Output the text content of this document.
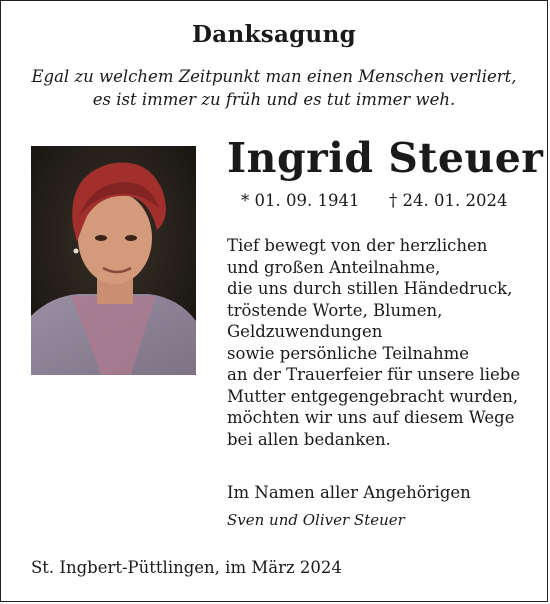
Danksagung
Egal zu welchem Zeitpunkt man einen Menschen verliert,
es ist immer zu früh und es tut immer weh.
Ingrid Steuer
* 01. 09. 1941 † 24. 01. 2024
Tief bewegt von der herzlichen
und großen Anteilnahme,
die uns durch stillen Händedruck,
tröstende Worte, Blumen,
Geldzuwendungen
sowie persönliche Teilnahme
an der Trauerfeier für unsere liebe
Mutter entgegengebracht wurden,
möchten wir uns auf diesem Wege
bei allen bedanken.
Im Namen aller Angehörigen
Sven und Oliver Steuer
St. Ingbert-Püttlingen, im März 2024
